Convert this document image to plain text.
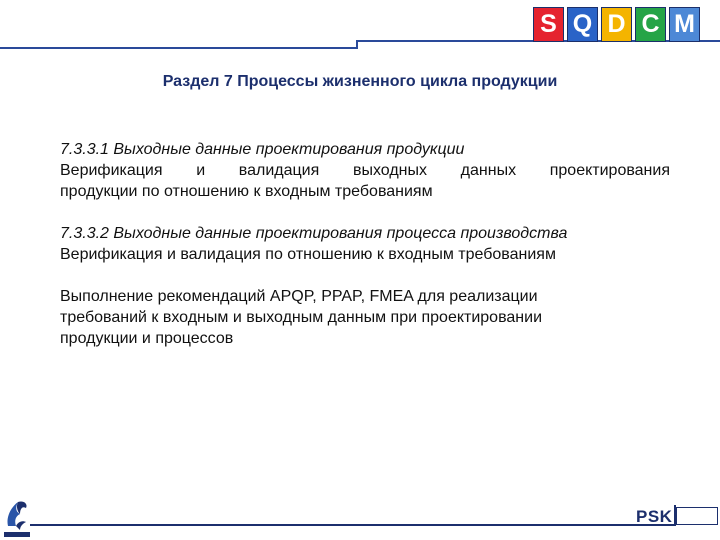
S Q D C M
Раздел 7 Процессы жизненного цикла продукции
7.3.3.1 Выходные данные проектирования продукции
Верификация и валидация выходных данных проектирования
продукции по отношению к входным требованиям
7.3.3.2 Выходные данные проектирования процесса производства
Верификация и валидация по отношению к входным требованиям
Выполнение рекомендаций APQP, PPAP, FMEA для реализации
требований к входным и выходным данным при проектировании
продукции и процессов
PSK
